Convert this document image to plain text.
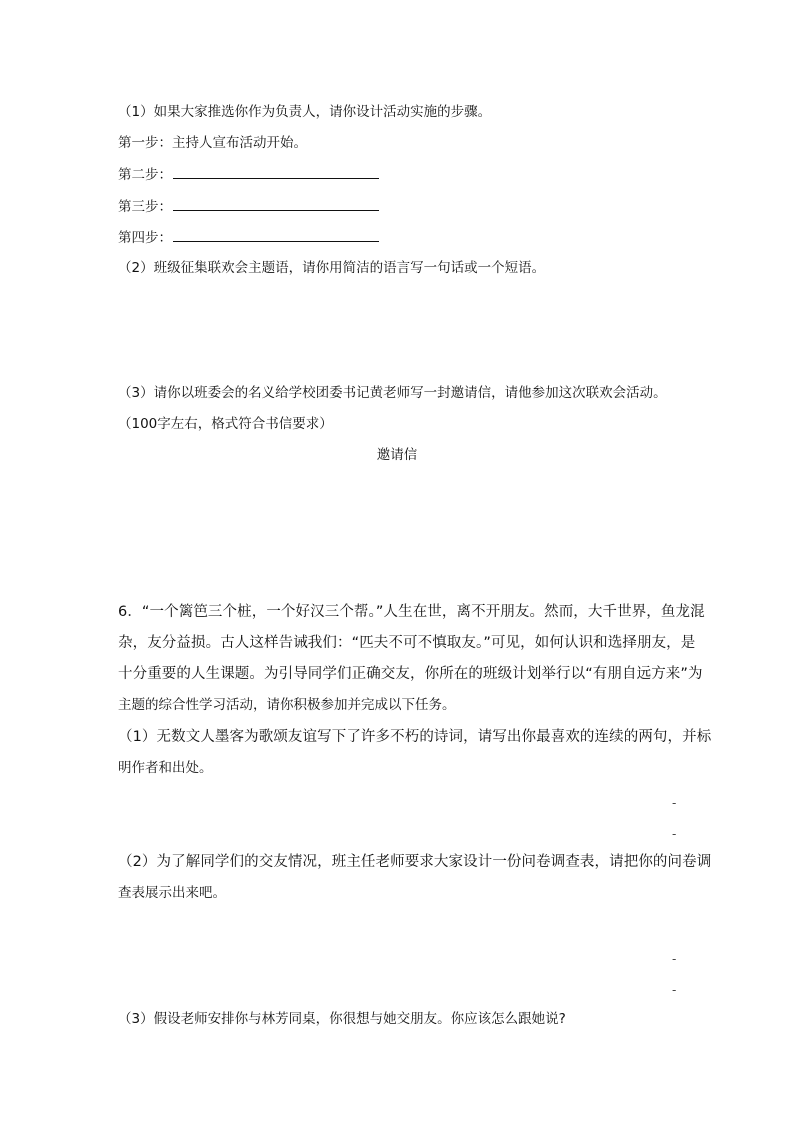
（1）如果大家推选你作为负责人，请你设计活动实施的步骤。
第一步：主持人宣布活动开始。
第二步：
第三步：
第四步：
（2）班级征集联欢会主题语，请你用简洁的语言写一句话或一个短语。
（3）请你以班委会的名义给学校团委书记黄老师写一封邀请信，请他参加这次联欢会活动。
（100字左右，格式符合书信要求）
邀请信
6．“一个篱笆三个桩，一个好汉三个帮。”人生在世，离不开朋友。然而，大千世界，鱼龙混
杂，友分益损。古人这样告诫我们：“匹夫不可不慎取友。”可见，如何认识和选择朋友，是
十分重要的人生课题。为引导同学们正确交友，你所在的班级计划举行以“有朋自远方来”为
主题的综合性学习活动，请你积极参加并完成以下任务。
（1）无数文人墨客为歌颂友谊写下了许多不朽的诗词，请写出你最喜欢的连续的两句，并标
明作者和出处。
-
-
（2）为了解同学们的交友情况，班主任老师要求大家设计一份问卷调查表，请把你的问卷调
查表展示出来吧。
-
-
（3）假设老师安排你与林芳同桌，你很想与她交朋友。你应该怎么跟她说?
